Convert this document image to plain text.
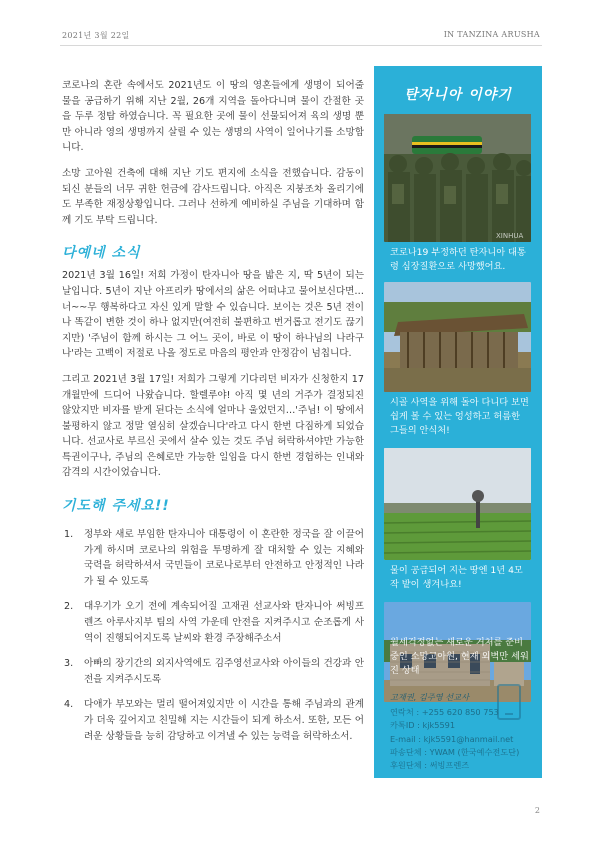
2021년 3월 22일	IN TANZINA ARUSHA

코로나의 혼란 속에서도 2021년도 이 땅의 영혼들에게 생명이 되어줄 물을 공급하기 위해 지난 2월, 26개 지역을 돌아다니며 물이 간절한 곳을 두루 정탐 하였습니다. 꼭 필요한 곳에 물이 선물되어져 육의 생명 뿐만 아니라 영의 생명까지 살릴 수 있는 생명의 사역이 일어나기를 소망합니다.

소망 고아원 건축에 대해 지난 기도 편지에 소식을 전했습니다. 감동이 되신 분들의 너무 귀한 헌금에 감사드립니다. 아직은 지붕조차 올리기에도 부족한 재정상황입니다. 그러나 선하게 예비하실 주님을 기대하며 함께 기도 부탁 드립니다.

다예네 소식

2021년 3월 16일! 저희 가정이 탄자니아 땅을 밟은 지, 딱 5년이 되는 날입니다. 5년이 지난 아프리카 땅에서의 삶은 어떠냐고 물어보신다면… 너~~무 행복하다고 자신 있게 말할 수 있습니다. 보이는 것은 5년 전이나 똑같이 변한 것이 하나 없지만(여전히 불편하고 번거롭고 전기도 끊기지만) '주님이 함께 하시는 그 어느 곳이, 바로 이 땅이 하나님의 나라구나'라는 고백이 저절로 나올 정도로 마음의 평안과 안정감이 넘칩니다.

그리고 2021년 3월 17일! 저희가 그렇게 기다리던 비자가 신청한지 17개월만에 드디어 나왔습니다. 할렐루야! 아직 몇 년의 거주가 결정되진 않았지만 비자를 받게 된다는 소식에 얼마나 울었던지…'주님! 이 땅에서 불평하지 않고 정말 열심히 살겠습니다'라고 다시 한번 다짐하게 되었습니다. 선교사로 부르신 곳에서 살수 있는 것도 주님 허락하셔야만 가능한 특권이구나, 주님의 은혜로만 가능한 일임을 다시 한번 경험하는 인내와 감격의 시간이었습니다.

기도해 주세요!!
1. 정부와 새로 부임한 탄자니아 대통령이 이 혼란한 정국을 잘 이끌어 가게 하시며 코로나의 위험을 투명하게 잘 대처할 수 있는 지혜와 국력을 허락하셔서 국민들이 코로나로부터 안전하고 안정적인 나라가 될 수 있도록
2. 대우기가 오기 전에 계속되어질 고재권 선교사와 탄자니아 써빙프렌즈 아루사지부 팀의 사역 가운데 안전을 지켜주시고 순조롭게 사역이 진행되어지도록 날씨와 환경 주장해주소서
3. 아빠의 장기간의 외지사역에도 김주영선교사와 아이들의 건강과 안전을 지켜주시도록
4. 다애가 부모와는 멀리 떨어져있지만 이 시간을 통해 주님과의 관계가 더욱 깊어지고 친밀해 지는 시간들이 되게 하소서. 또한, 모든 어려운 상황들을 능히 감당하고 이겨낼 수 있는 능력을 허락하소서.
탄자니아 이야기
XINHUA
코로나19 부정하던 탄자니아 대통령 심장질환으로 사망했어요.
시골 사역을 위해 돌아 다니다 보면 쉽게 볼 수 있는 엉성하고 허름한 그들의 안식처!
물이 공급되어 지는 땅엔 1년 4모작 밭이 생겨나요!
월세걱정없는 새로운 거처를 준비 중인 소망고아원, 현재 외벽만 세워진 상태
고재권, 김주영 선교사
연락처 : +255 620 850 753
카톡ID : kjk5591
E-mail : kjk5591@hanmail.net
파송단체 : YWAM (한국예수전도단)
후원단체 : 써빙프렌즈
2
